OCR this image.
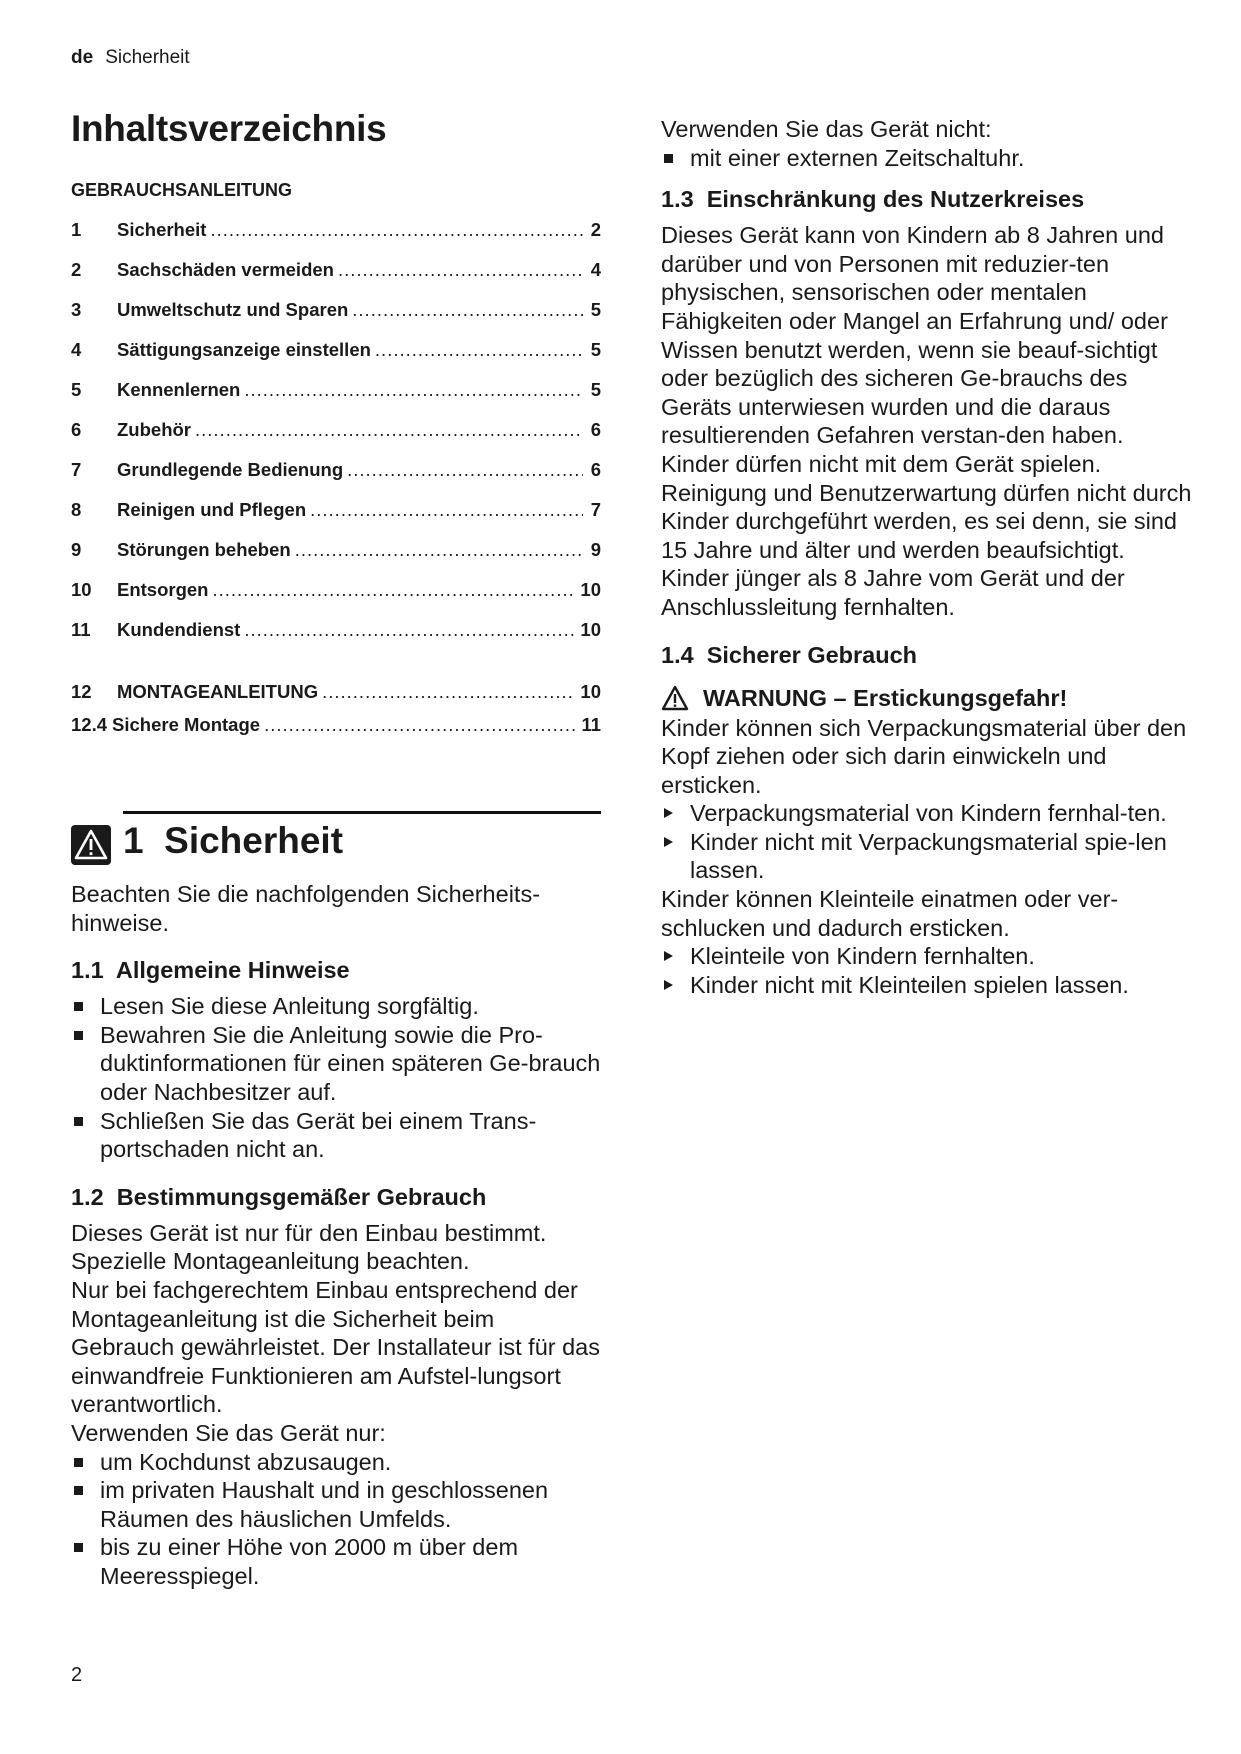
de Sicherheit
Inhaltsverzeichnis
GEBRAUCHSANLEITUNG
1	Sicherheit .....	2
2	Sachschäden vermeiden .....	4
3	Umweltschutz und Sparen .....	5
4	Sättigungsanzeige einstellen .....	5
5	Kennenlernen .....	5
6	Zubehör .....	6
7	Grundlegende Bedienung .....	6
8	Reinigen und Pflegen .....	7
9	Störungen beheben .....	9
10	Entsorgen .....	10
11	Kundendienst .....	10
12	MONTAGEANLEITUNG .....	10
12.4 Sichere Montage .....	11
1  Sicherheit

Beachten Sie die nachfolgenden Sicherheits-hinweise.

1.1  Allgemeine Hinweise
Lesen Sie diese Anleitung sorgfältig.
Bewahren Sie die Anleitung sowie die Pro-duktinformationen für einen späteren Ge-brauch oder Nachbesitzer auf.
Schließen Sie das Gerät bei einem Trans-portschaden nicht an.
1.2  Bestimmungsgemäßer Gebrauch

Dieses Gerät ist nur für den Einbau bestimmt. Spezielle Montageanleitung beachten.

Nur bei fachgerechtem Einbau entsprechend der Montageanleitung ist die Sicherheit beim Gebrauch gewährleistet. Der Installateur ist für das einwandfreie Funktionieren am Aufstel-lungsort verantwortlich.

Verwenden Sie das Gerät nur:

um Kochdunst abzusaugen.
im privaten Haushalt und in geschlossenen Räumen des häuslichen Umfelds.
bis zu einer Höhe von 2000 m über dem Meeresspiegel.

Verwenden Sie das Gerät nicht:

mit einer externen Zeitschaltuhr.
1.3  Einschränkung des Nutzerkreises

Dieses Gerät kann von Kindern ab 8 Jahren und darüber und von Personen mit reduzier-ten physischen, sensorischen oder mentalen Fähigkeiten oder Mangel an Erfahrung und/ oder Wissen benutzt werden, wenn sie beauf-sichtigt oder bezüglich des sicheren Ge-brauchs des Geräts unterwiesen wurden und die daraus resultierenden Gefahren verstan-den haben.

Kinder dürfen nicht mit dem Gerät spielen.

Reinigung und Benutzerwartung dürfen nicht durch Kinder durchgeführt werden, es sei denn, sie sind 15 Jahre und älter und werden beaufsichtigt.

Kinder jünger als 8 Jahre vom Gerät und der Anschlussleitung fernhalten.

1.4  Sicherer Gebrauch
WARNUNG – Erstickungsgefahr!

Kinder können sich Verpackungsmaterial über den Kopf ziehen oder sich darin einwickeln und ersticken.

Verpackungsmaterial von Kindern fernhal-ten.
Kinder nicht mit Verpackungsmaterial spie-len lassen.

Kinder können Kleinteile einatmen oder ver-schlucken und dadurch ersticken.

Kleinteile von Kindern fernhalten.
Kinder nicht mit Kleinteilen spielen lassen.
2
